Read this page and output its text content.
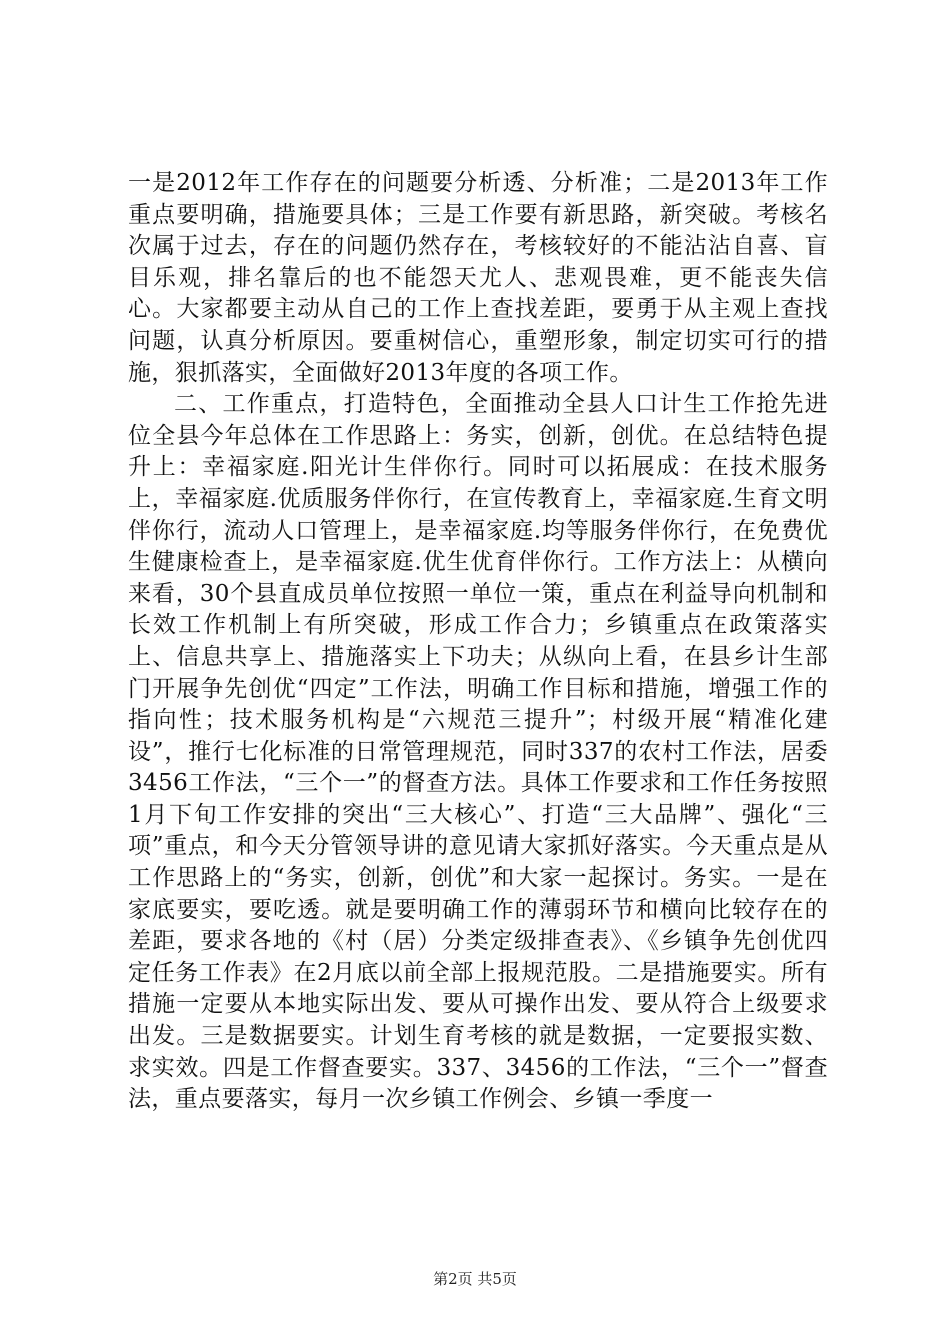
一是2012年工作存在的问题要分析透、分析准；二是2013年工作重点要明确，措施要具体；三是工作要有新思路，新突破。考核名次属于过去，存在的问题仍然存在，考核较好的不能沾沾自喜、盲目乐观，排名靠后的也不能怨天尤人、悲观畏难，更不能丧失信心。大家都要主动从自己的工作上查找差距，要勇于从主观上查找问题，认真分析原因。要重树信心，重塑形象，制定切实可行的措施，狠抓落实，全面做好2013年度的各项工作。

二、工作重点，打造特色，全面推动全县人口计生工作抢先进位全县今年总体在工作思路上：务实，创新，创优。在总结特色提升上：幸福家庭.阳光计生伴你行。同时可以拓展成：在技术服务上，幸福家庭.优质服务伴你行，在宣传教育上，幸福家庭.生育文明伴你行，流动人口管理上，是幸福家庭.均等服务伴你行，在免费优生健康检查上，是幸福家庭.优生优育伴你行。工作方法上：从横向来看，30个县直成员单位按照一单位一策，重点在利益导向机制和长效工作机制上有所突破，形成工作合力；乡镇重点在政策落实上、信息共享上、措施落实上下功夫；从纵向上看，在县乡计生部门开展争先创优“四定”工作法，明确工作目标和措施，增强工作的指向性；技术服务机构是“六规范三提升”；村级开展“精准化建设”，推行七化标准的日常管理规范，同时337的农村工作法，居委3456工作法，“三个一”的督查方法。具体工作要求和工作任务按照1月下旬工作安排的突出“三大核心”、打造“三大品牌”、强化“三项”重点，和今天分管领导讲的意见请大家抓好落实。今天重点是从工作思路上的“务实，创新，创优”和大家一起探讨。务实。一是在家底要实，要吃透。就是要明确工作的薄弱环节和横向比较存在的差距，要求各地的《村（居）分类定级排查表》、《乡镇争先创优四定任务工作表》在2月底以前全部上报规范股。二是措施要实。所有措施一定要从本地实际出发、要从可操作出发、要从符合上级要求出发。三是数据要实。计划生育考核的就是数据，一定要报实数、求实效。四是工作督查要实。337、3456的工作法，“三个一”督查法，重点要落实，每月一次乡镇工作例会、乡镇一季度一

第2页 共5页
